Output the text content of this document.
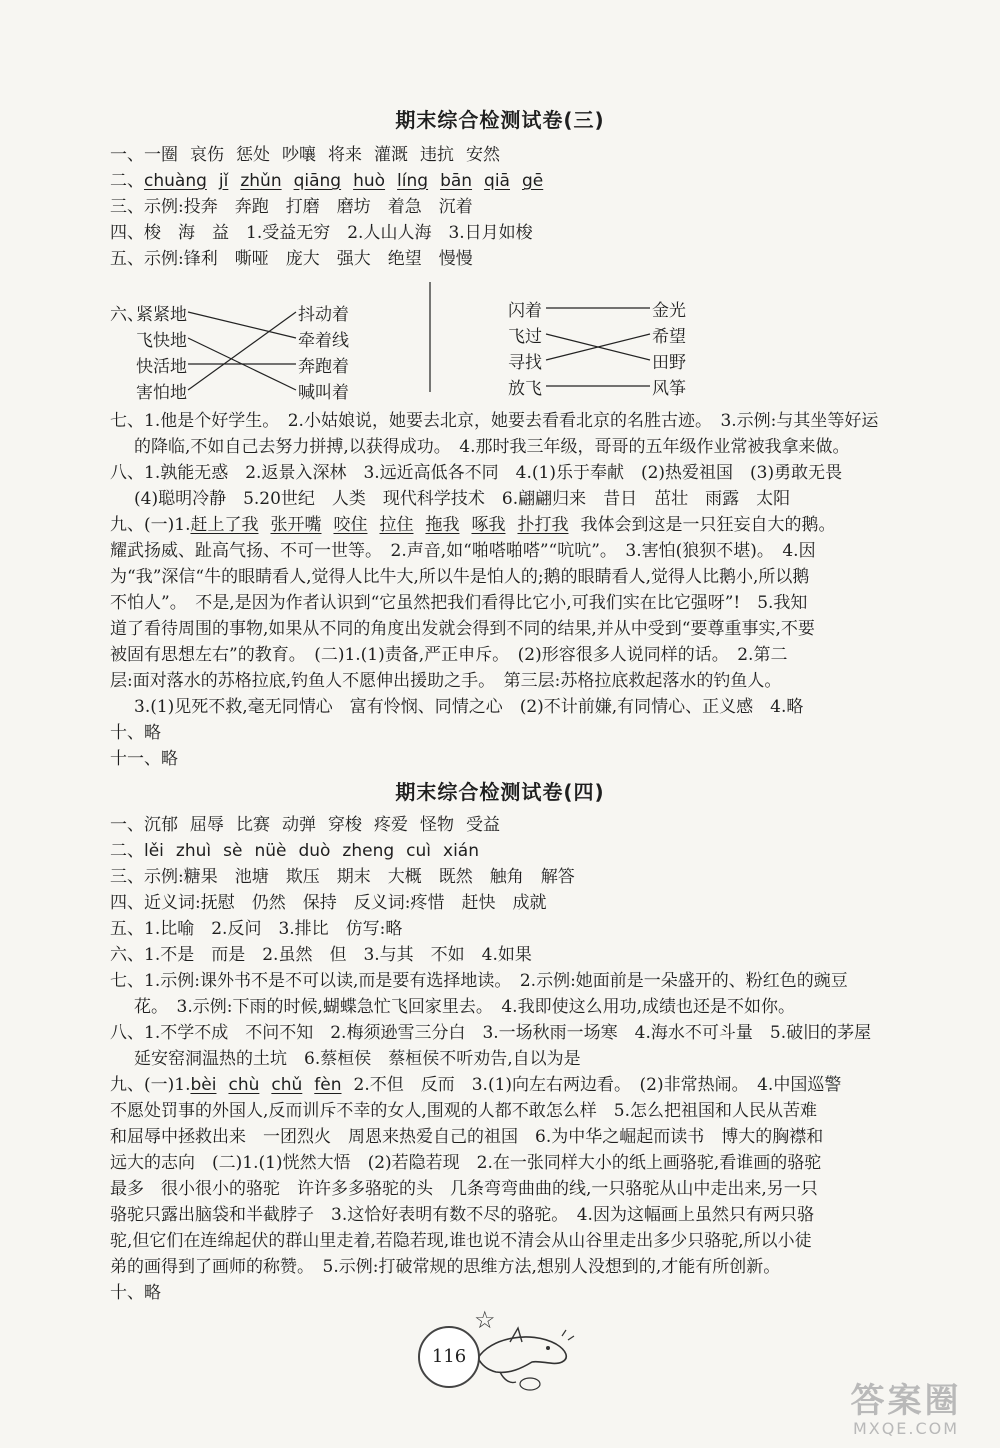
期末综合检测试卷(三)
一、一圈 哀伤 惩处 吵嚷 将来 灌溉 违抗 安然
二、chuàng jǐ zhǔn qiāng huò líng bān qiā gē
三、示例:投奔　奔跑　打磨　磨坊　着急　沉着
四、梭　海　益　1.受益无穷　2.人山人海　3.日月如梭
五、示例:锋利　嘶哑　庞大　强大　绝望　慢慢
六、
紧紧地
飞快地
快活地
害怕地
抖动着
牵着线
奔跑着
喊叫着
闪着
飞过
寻找
放飞
金光
希望
田野
风筝
七、1.他是个好学生。　2.小姑娘说，她要去北京，她要去看看北京的名胜古迹。　3.示例:与其坐等好运
的降临,不如自己去努力拼搏,以获得成功。　4.那时我三年级，哥哥的五年级作业常被我拿来做。
八、1.孰能无惑　2.返景入深林　3.远近高低各不同　4.(1)乐于奉献　(2)热爱祖国　(3)勇敢无畏
(4)聪明冷静　5.20世纪　人类　现代科学技术　6.翩翩归来　昔日　茁壮　雨露　太阳
九、(一)1.赶上了我 张开嘴 咬住 拉住 拖我 啄我 扑打我 我体会到这是一只狂妄自大的鹅。
耀武扬威、趾高气扬、不可一世等。　2.声音,如“啪嗒啪嗒”“吭吭”。　3.害怕(狼狈不堪)。　4.因
为“我”深信“牛的眼睛看人,觉得人比牛大,所以牛是怕人的;鹅的眼睛看人,觉得人比鹅小,所以鹅
不怕人”。　不是,是因为作者认识到“它虽然把我们看得比它小,可我们实在比它强呀”!　5.我知
道了看待周围的事物,如果从不同的角度出发就会得到不同的结果,并从中受到“要尊重事实,不要
被固有思想左右”的教育。　(二)1.(1)责备,严正申斥。　(2)形容很多人说同样的话。　2.第二
层:面对落水的苏格拉底,钓鱼人不愿伸出援助之手。　第三层:苏格拉底救起落水的钓鱼人。
3.(1)见死不救,毫无同情心　富有怜悯、同情之心　(2)不计前嫌,有同情心、正义感　4.略
十、略
十一、略
期末综合检测试卷(四)
一、沉郁 屈辱 比赛 动弹 穿梭 疼爱 怪物 受益
二、lěi zhuì sè nüè duò zheng cuì xián
三、示例:糖果　池塘　欺压　期末　大概　既然　触角　解答
四、近义词:抚慰　仍然　保持　反义词:疼惜　赶快　成就
五、1.比喻　2.反问　3.排比　仿写:略
六、1.不是　而是　2.虽然　但　3.与其　不如　4.如果
七、1.示例:课外书不是不可以读,而是要有选择地读。　2.示例:她面前是一朵盛开的、粉红色的豌豆
花。　3.示例:下雨的时候,蝴蝶急忙飞回家里去。　4.我即使这么用功,成绩也还是不如你。
八、1.不学不成　不问不知　2.梅须逊雪三分白　3.一场秋雨一场寒　4.海水不可斗量　5.破旧的茅屋
延安窑洞温热的土坑　6.蔡桓侯　蔡桓侯不听劝告,自以为是
九、(一)1.bèi chù chǔ fèn 2.不但　反而　3.(1)向左右两边看。　(2)非常热闹。　4.中国巡警
不愿处罚事的外国人,反而训斥不幸的女人,围观的人都不敢怎么样　5.怎么把祖国和人民从苦难
和屈辱中拯救出来　一团烈火　周恩来热爱自己的祖国　6.为中华之崛起而读书　博大的胸襟和
远大的志向　(二)1.(1)恍然大悟　(2)若隐若现　2.在一张同样大小的纸上画骆驼,看谁画的骆驼
最多　很小很小的骆驼　许许多多骆驼的头　几条弯弯曲曲的线,一只骆驼从山中走出来,另一只
骆驼只露出脑袋和半截脖子　3.这恰好表明有数不尽的骆驼。　4.因为这幅画上虽然只有两只骆
驼,但它们在连绵起伏的群山里走着,若隐若现,谁也说不清会从山谷里走出多少只骆驼,所以小徒
弟的画得到了画师的称赞。　5.示例:打破常规的思维方法,想别人没想到的,才能有所创新。
十、略
☆
116
答案圈
MXQE.COM
